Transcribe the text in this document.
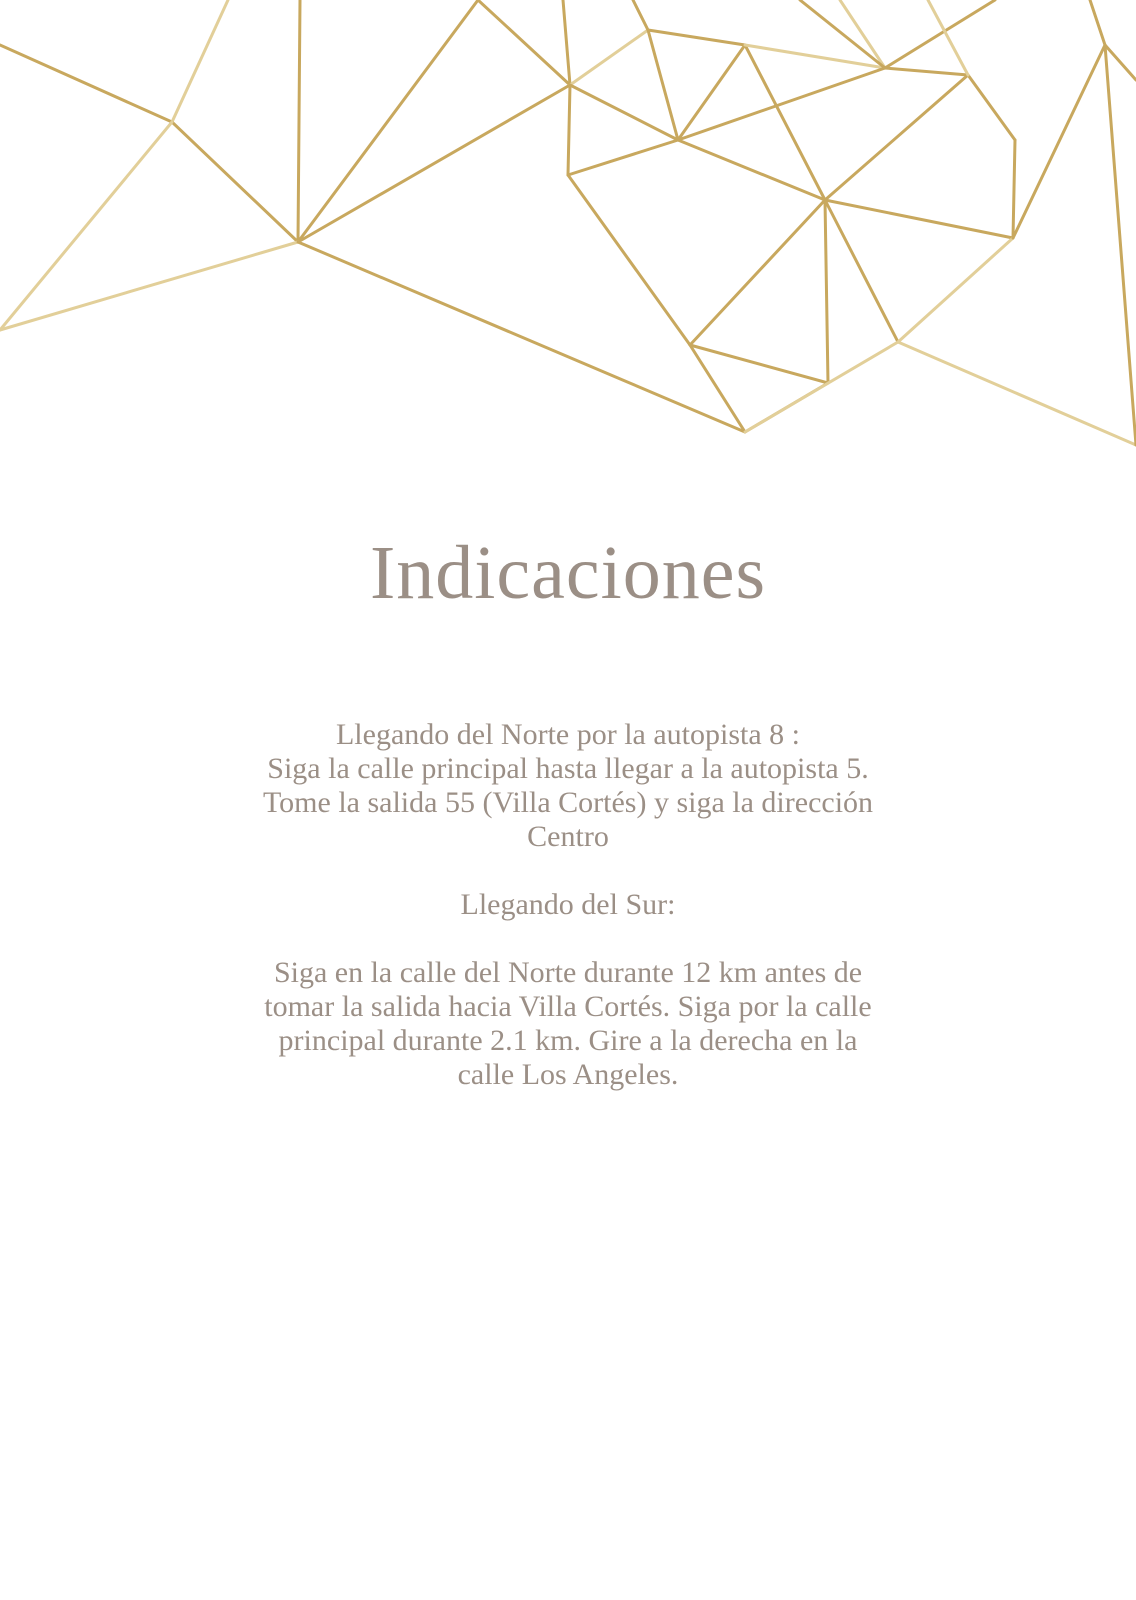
Indicaciones

Llegando del Norte por la autopista 8 :

Siga la calle principal hasta llegar a la autopista 5.

Tome la salida 55 (Villa Cortés) y siga la dirección

Centro

Llegando del Sur:

Siga en la calle del Norte durante 12 km antes de

tomar la salida hacia Villa Cortés. Siga por la calle

principal durante 2.1 km. Gire a la derecha en la

calle Los Angeles.
